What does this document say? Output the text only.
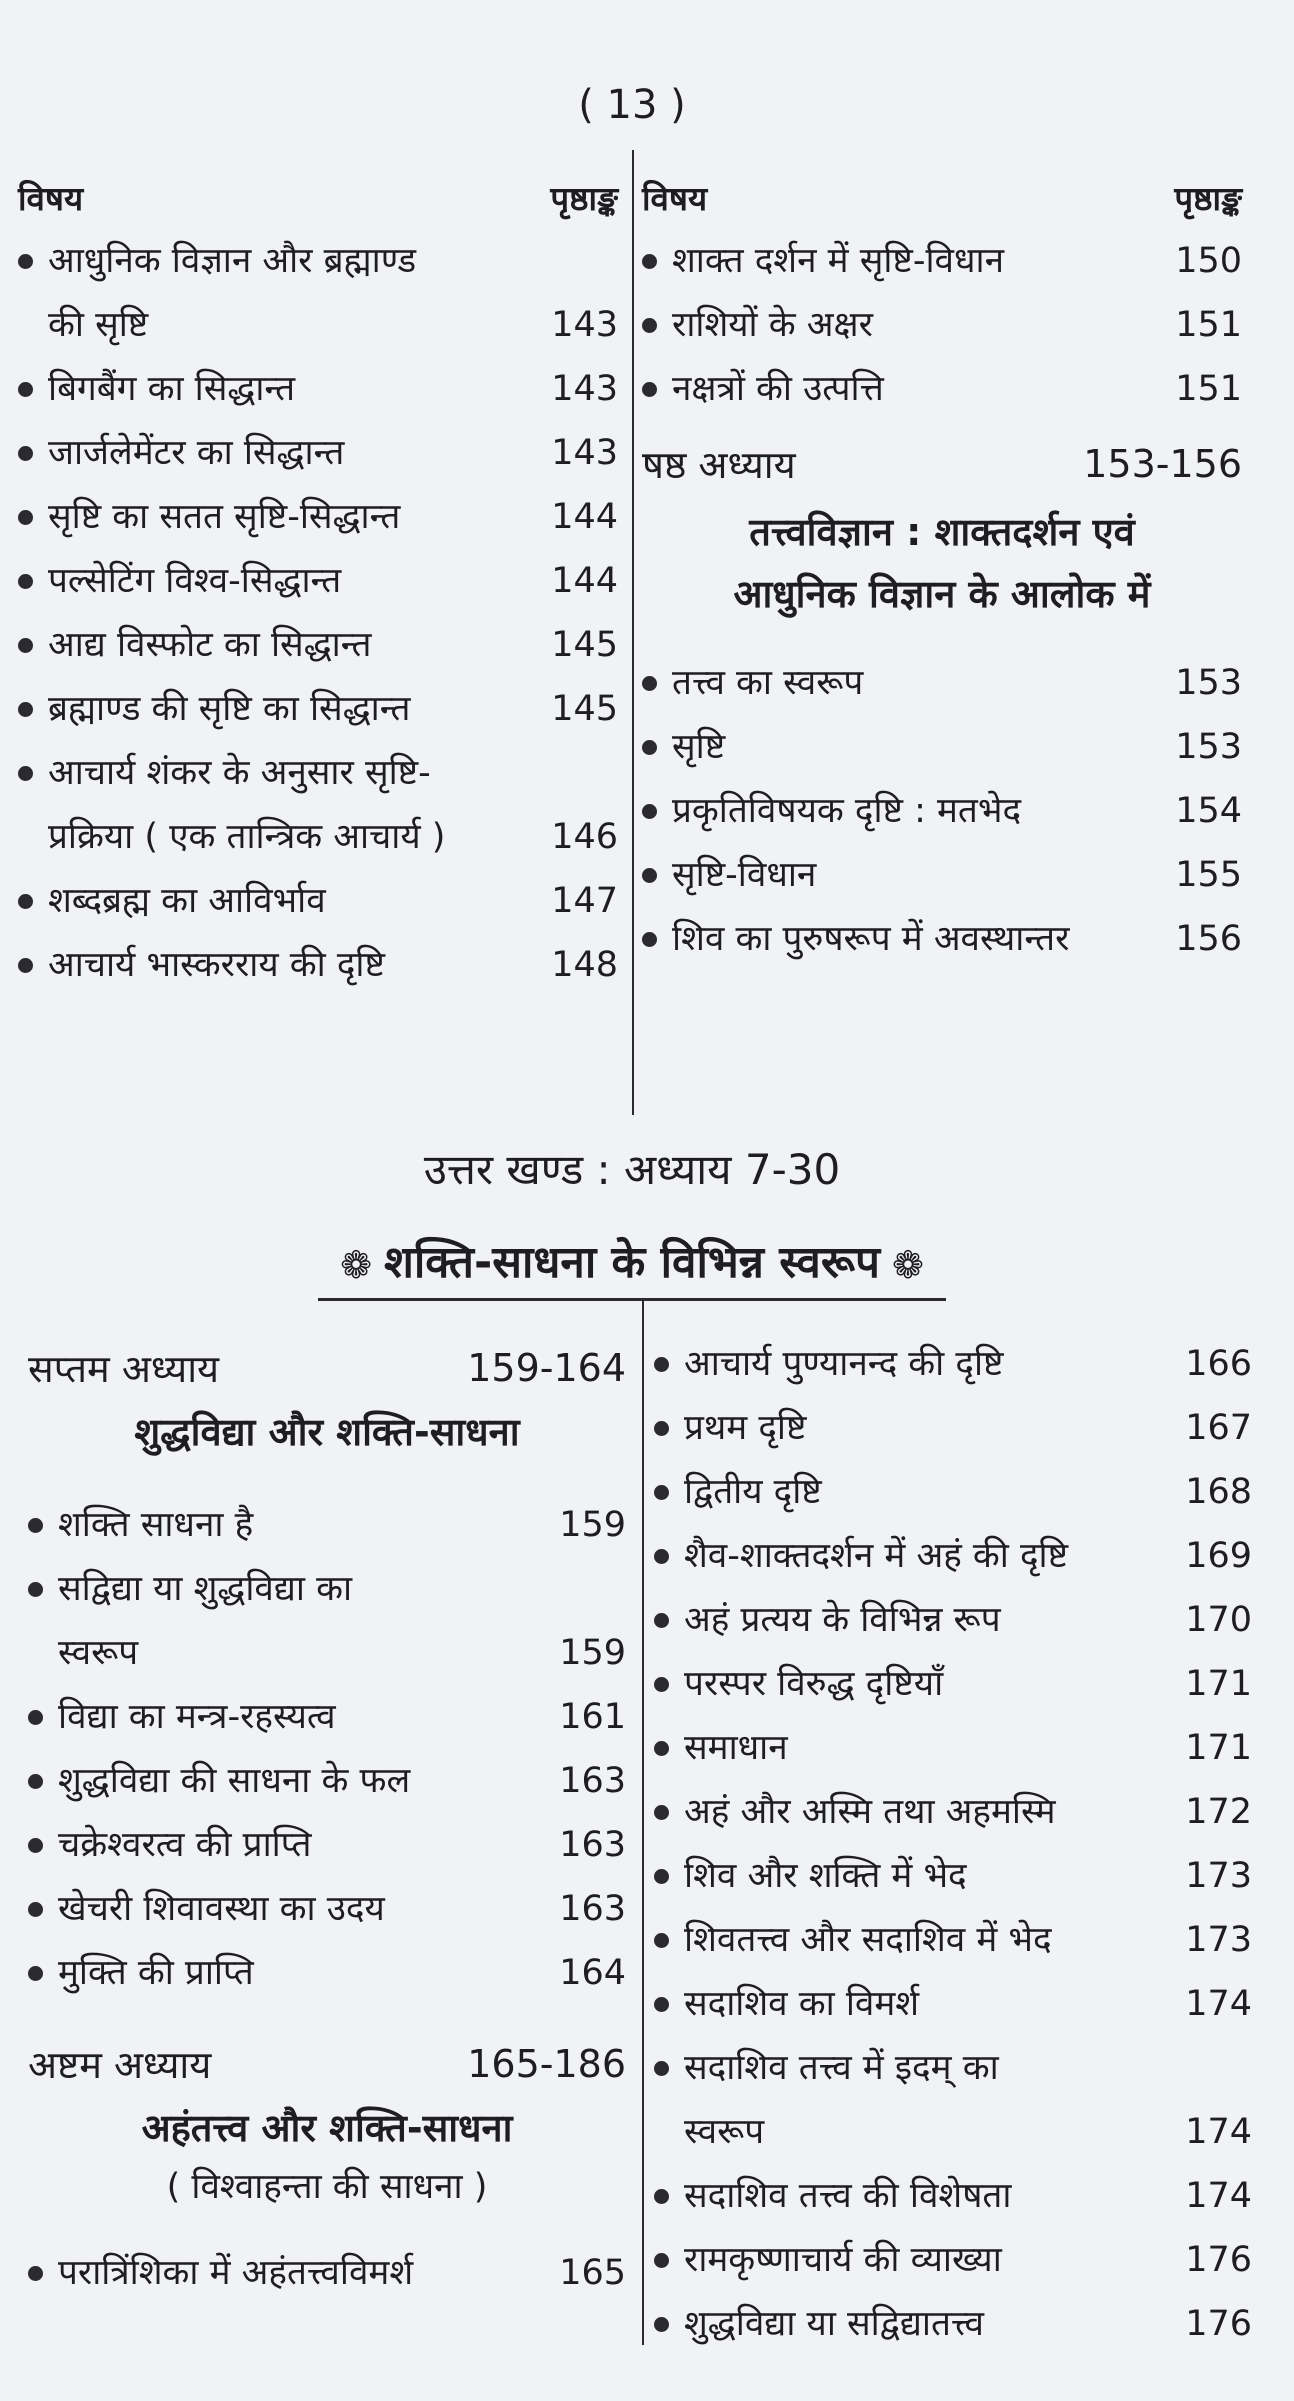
( 13 )
विषय	पृष्ठाङ्क
आधुनिक विज्ञान और ब्रह्माण्ड
की सृष्टि	143
बिगबैंग का सिद्धान्त	143
जार्जलेमेंटर का सिद्धान्त	143
सृष्टि का सतत सृष्टि-सिद्धान्त	144
पल्सेटिंग विश्व-सिद्धान्त	144
आद्य विस्फोट का सिद्धान्त	145
ब्रह्माण्ड की सृष्टि का सिद्धान्त	145
आचार्य शंकर के अनुसार सृष्टि-
प्रक्रिया ( एक तान्त्रिक आचार्य )	146
शब्दब्रह्म का आविर्भाव	147
आचार्य भास्करराय की दृष्टि	148
विषय	पृष्ठाङ्क
शाक्त दर्शन में सृष्टि-विधान	150
राशियों के अक्षर	151
नक्षत्रों की उत्पत्ति	151
षष्ठ अध्याय	153-156
तत्त्वविज्ञान : शाक्तदर्शन एवं
आधुनिक विज्ञान के आलोक में
तत्त्व का स्वरूप	153
सृष्टि	153
प्रकृतिविषयक दृष्टि : मतभेद	154
सृष्टि-विधान	155
शिव का पुरुषरूप में अवस्थान्तर	156
उत्तर खण्ड : अध्याय 7-30
❁ शक्ति-साधना के विभिन्न स्वरूप ❁
सप्तम अध्याय	159-164
शुद्धविद्या और शक्ति-साधना
शक्ति साधना है	159
सद्विद्या या शुद्धविद्या का
स्वरूप	159
विद्या का मन्त्र-रहस्यत्व	161
शुद्धविद्या की साधना के फल	163
चक्रेश्वरत्व की प्राप्ति	163
खेचरी शिवावस्था का उदय	163
मुक्ति की प्राप्ति	164
अष्टम अध्याय	165-186
अहंतत्त्व और शक्ति-साधना
( विश्वाहन्ता की साधना )
परात्रिंशिका में अहंतत्त्वविमर्श	165
आचार्य पुण्यानन्द की दृष्टि	166
प्रथम दृष्टि	167
द्वितीय दृष्टि	168
शैव-शाक्तदर्शन में अहं की दृष्टि	169
अहं प्रत्यय के विभिन्न रूप	170
परस्पर विरुद्ध दृष्टियाँ	171
समाधान	171
अहं और अस्मि तथा अहमस्मि	172
शिव और शक्ति में भेद	173
शिवतत्त्व और सदाशिव में भेद	173
सदाशिव का विमर्श	174
सदाशिव तत्त्व में इदम् का
स्वरूप	174
सदाशिव तत्त्व की विशेषता	174
रामकृष्णाचार्य की व्याख्या	176
शुद्धविद्या या सद्विद्यातत्त्व	176
